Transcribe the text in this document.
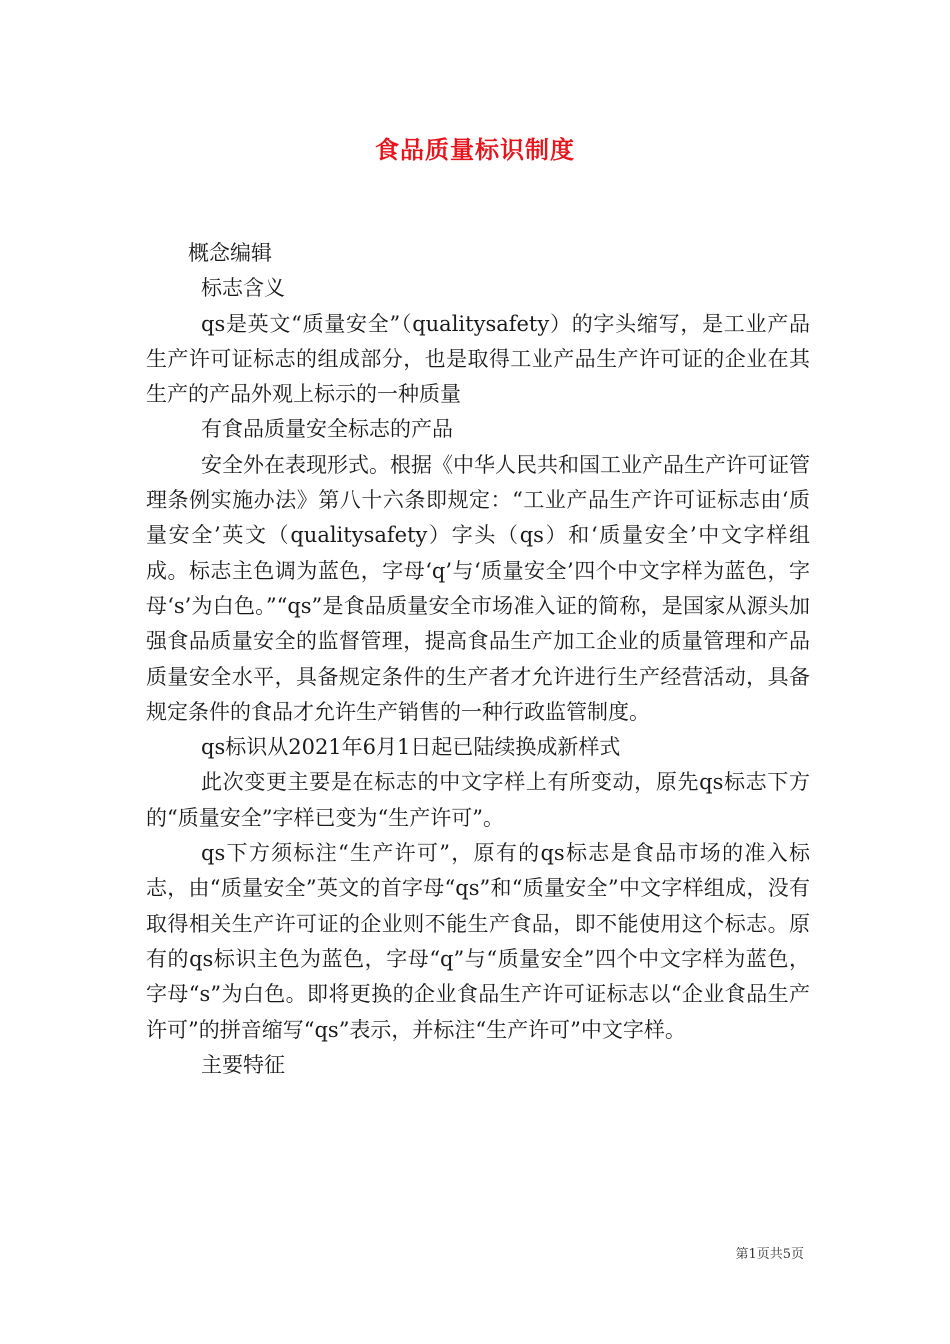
食品质量标识制度

概念编辑

标志含义

qs是英文“质量安全”（qualitysafety）的字头缩写，是工业产品生产许可证标志的组成部分，也是取得工业产品生产许可证的企业在其生产的产品外观上标示的一种质量

有食品质量安全标志的产品

安全外在表现形式。根据《中华人民共和国工业产品生产许可证管理条例实施办法》第八十六条即规定：“工业产品生产许可证标志由‘质量安全’英文（qualitysafety）字头（qs）和‘质量安全’中文字样组成。标志主色调为蓝色，字母‘q’与‘质量安全’四个中文字样为蓝色，字母‘s’为白色。”“qs”是食品质量安全市场准入证的简称，是国家从源头加强食品质量安全的监督管理，提高食品生产加工企业的质量管理和产品质量安全水平，具备规定条件的生产者才允许进行生产经营活动，具备规定条件的食品才允许生产销售的一种行政监管制度。

qs标识从2021年6月1日起已陆续换成新样式

此次变更主要是在标志的中文字样上有所变动，原先qs标志下方的“质量安全”字样已变为“生产许可”。

qs下方须标注“生产许可”，原有的qs标志是食品市场的准入标志，由“质量安全”英文的首字母“qs”和“质量安全”中文字样组成，没有取得相关生产许可证的企业则不能生产食品，即不能使用这个标志。原有的qs标识主色为蓝色，字母“q”与“质量安全”四个中文字样为蓝色，字母“s”为白色。即将更换的企业食品生产许可证标志以“企业食品生产许可”的拼音缩写“qs”表示，并标注“生产许可”中文字样。

主要特征

第1页共5页
